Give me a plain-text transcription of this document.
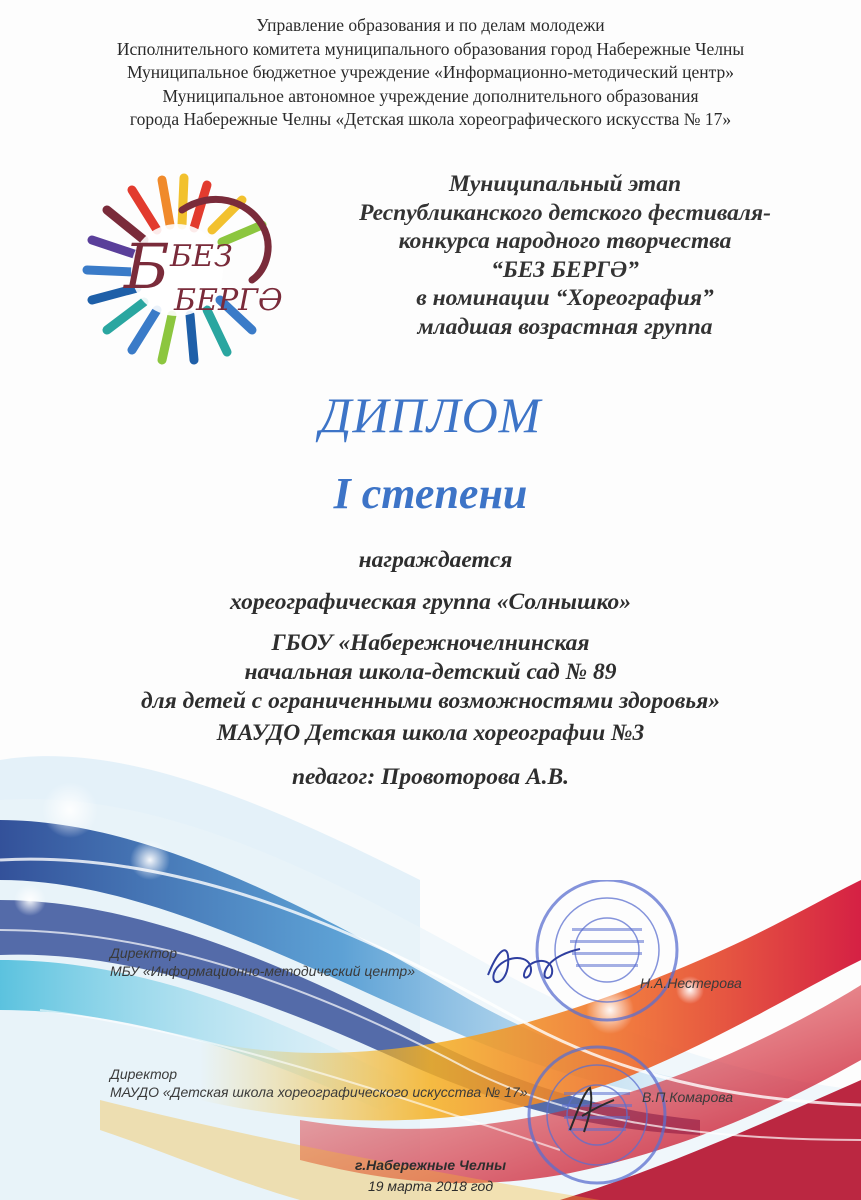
Управление образования и по делам молодежи
Исполнительного комитета муниципального образования город Набережные Челны
Муниципальное бюджетное учреждение «Информационно-методический центр»
Муниципальное автономное учреждение дополнительного образования
города Набережные Челны «Детская школа хореографического искусства № 17»
Б БЕЗ
БЕРГӘ
Муниципальный этап
Республиканского детского фестиваля-
конкурса народного творчества
“БЕЗ БЕРГӘ”
в номинации “Хореография”
младшая возрастная группа
ДИПЛОМ
I степени
награждается
хореографическая группа «Солнышко»
ГБОУ «Набережночелнинская
начальная школа-детский сад № 89
для детей с ограниченными возможностями здоровья»
МАУДО Детская школа хореографии №3
педагог: Провоторова А.В.
Директор
МБУ «Информационно-методический центр»
Н.А.Нестерова
Директор
МАУДО «Детская школа хореографического искусства № 17»	В.П.Комарова
г.Набережные Челны
19 марта 2018 год
